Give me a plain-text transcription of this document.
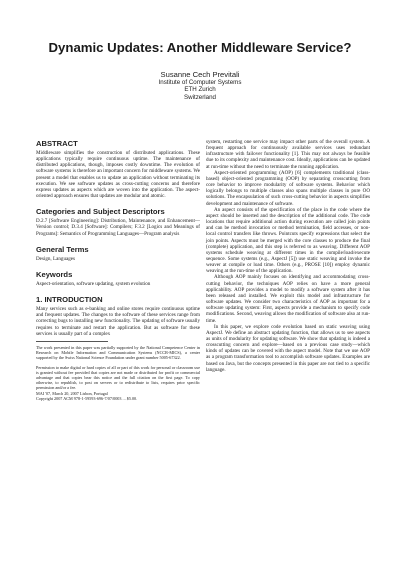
Dynamic Updates: Another Middleware Service?
Susanne Cech Previtali
Institute of Computer Systems
ETH Zurich
Switzerland
ABSTRACT
Middleware simplifies the construction of distributed applications. These applications typically require continuous uptime. The maintenance of distributed applications, though, imposes costly downtime. The evolution of software systems is therefore an important concern for middleware systems. We present a model that enables us to update an application without terminating its execution. We see software updates as cross-cutting concerns and therefore express updates as aspects which are woven into the application. The aspect-oriented approach ensures that updates are modular and atomic.
Categories and Subject Descriptors
D.2.7 [Software Engineering]: Distribution, Maintenance, and Enhancement—Version control; D.3.4 [Software]: Compilers; F.3.2 [Logics and Meanings of Programs]: Semantics of Programming Languages—Program analysis
General Terms
Design, Languages
Keywords
Aspect-orientation, software updating, system evolution
1. INTRODUCTION
Many services such as e-banking and online stores require continuous uptime and frequent updates. The changes to the software of these services range from correcting bugs to installing new functionality. The updating of software usually requires to terminate and restart the application. But as software for these services is usually part of a complex
The work presented in this paper was partially supported by the National Competence Center in Research on Mobile Information and Communication Systems (NCCR-MICS), a center supported by the Swiss National Science Foundation under grant number 5005-67322.
Permission to make digital or hard copies of all or part of this work for personal or classroom use is granted without fee provided that copies are not made or distributed for profit or commercial advantage and that copies bear this notice and the full citation on the first page. To copy otherwise, to republish, to post on servers or to redistribute to lists, requires prior specific permission and/or a fee.
MAI '07, March 20, 2007 Lisbon, Portugal
Copyright 2007 ACM 978-1-59593-696-7/07/0003 ... $5.00.
system, restarting one service may impact other parts of the overall system. A frequent approach for continuously available services uses redundant infrastructure with failover functionality [1]. This may not always be feasible due to its complexity and maintenance cost. Ideally, applications can be updated at run-time without the need to terminate the running application.
Aspect-oriented programming (AOP) [6] complements traditional (class-based) object-oriented programming (OOP) by separating crosscutting from core behavior to improve modularity of software systems. Behavior which logically belongs to multiple classes also spans multiple classes in pure OO solutions. The encapsulation of such cross-cutting behavior in aspects simplifies development and maintenance of software.
An aspect consists of the specification of the place in the code where the aspect should be inserted and the description of the additional code. The code locations that require additional action during execution are called join points and can be method invocation or method termination, field accesses, or non-local control transfers like throws. Pointcuts specify expressions that select the join points. Aspects must be merged with the core classes to produce the final (complete) application, and this step is referred to as weaving. Different AOP systems schedule weaving at different times in the compile/load/execute sequence. Some systems (e.g., AspectJ [5]) use static weaving and invoke the weaver at compile or load time. Others (e.g., PROSE [10]) employ dynamic weaving at the run-time of the application.
Although AOP mainly focuses on identifying and accommodating cross-cutting behavior, the techniques AOP relies on have a more general applicability. AOP provides a model to modify a software system after it has been released and installed. We exploit this model and infrastructure for software updates. We consider two characteristics of AOP as important for a software updating system: First, aspects provide a mechanism to specify code modifications. Second, weaving allows the modification of software also at run-time.
In this paper, we explore code evolution based on static weaving using AspectJ. We define an abstract updating function, that allows us to see aspects as units of modularity for updating software. We show that updating is indeed a crosscutting concern and explore—based on a previous case study—which kinds of updates can be covered with the aspect model. Note that we use AOP as a program transformation tool to accomplish software updates. Examples are based on Java, but the concepts presented in this paper are not tied to a specific language.
